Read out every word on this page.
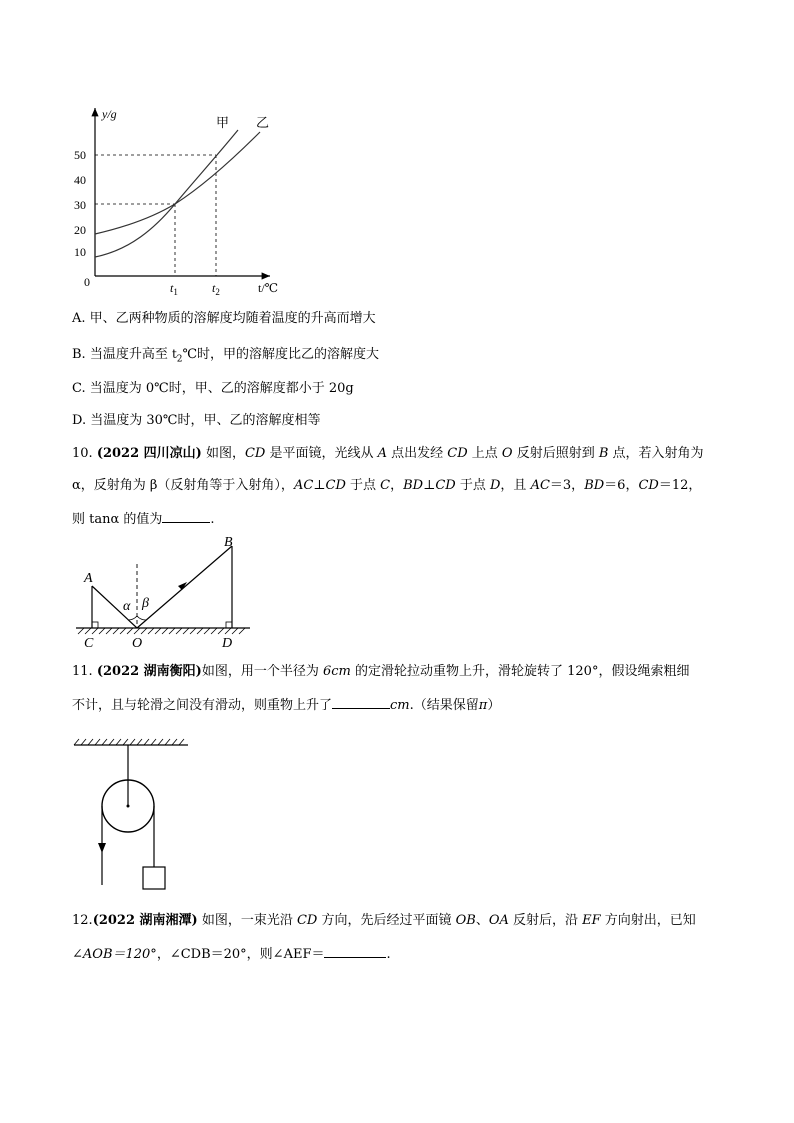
y/g
50
40
30
20
10
0
甲 乙
$t_1$	$t_2$	t/℃
A. 甲、乙两种物质的溶解度均随着温度的升高而增大
B. 当温度升高至 $t_2℃$时，甲的溶解度比乙的溶解度大
C. 当温度为 0℃时，甲、乙的溶解度都小于 20g
D. 当温度为 30℃时，甲、乙的溶解度相等
10. (2022 四川凉山) 如图，CD 是平面镜，光线从 A 点出发经 CD 上点 O 反射后照射到 B 点，若入射角为
α，反射角为 β（反射角等于入射角），AC⊥CD 于点 C，BD⊥CD 于点 D，且 AC＝3，BD＝6，CD＝12，
则 tanα 的值为	.
A
B
C	O	D
α β
11. (2022 湖南衡阳)如图，用一个半径为 6cm 的定滑轮拉动重物上升，滑轮旋转了 120°，假设绳索粗细
不计，且与轮滑之间没有滑动，则重物上升了	cm.（结果保留π）
12.(2022 湖南湘潭) 如图，一束光沿 CD 方向，先后经过平面镜 OB、OA 反射后，沿 EF 方向射出，已知
∠AOB＝120°，∠CDB＝20°，则∠AEF＝	.
